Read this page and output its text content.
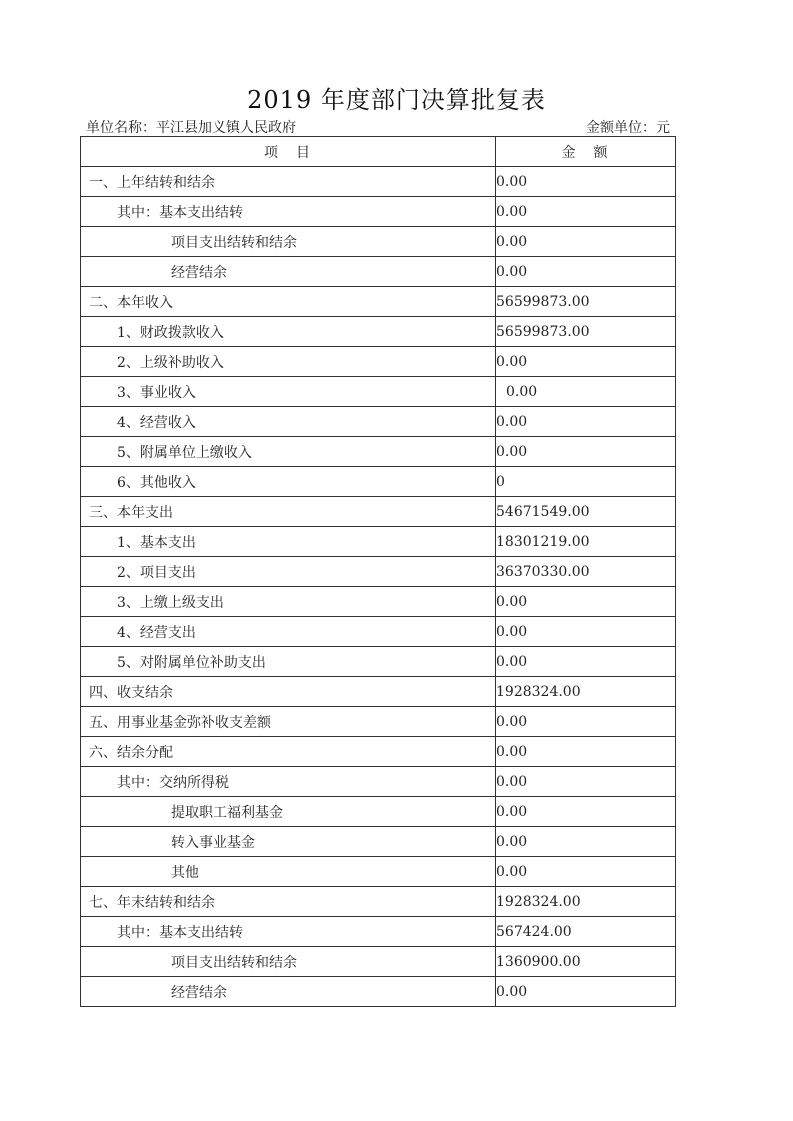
2019 年度部门决算批复表
单位名称：平江县加义镇人民政府	金额单位：元
项　目	金　额
一、上年结转和结余	0.00
其中：基本支出结转	0.00
项目支出结转和结余	0.00
经营结余	0.00
二、本年收入	56599873.00
1、财政拨款收入	56599873.00
2、上级补助收入	0.00
3、事业收入	0.00
4、经营收入	0.00
5、附属单位上缴收入	0.00
6、其他收入	0
三、本年支出	54671549.00
1、基本支出	18301219.00
2、项目支出	36370330.00
3、上缴上级支出	0.00
4、经营支出	0.00
5、对附属单位补助支出	0.00
四、收支结余	1928324.00
五、用事业基金弥补收支差额	0.00
六、结余分配	0.00
其中：交纳所得税	0.00
提取职工福利基金	0.00
转入事业基金	0.00
其他	0.00
七、年末结转和结余	1928324.00
其中：基本支出结转	567424.00
项目支出结转和结余	1360900.00
经营结余	0.00
